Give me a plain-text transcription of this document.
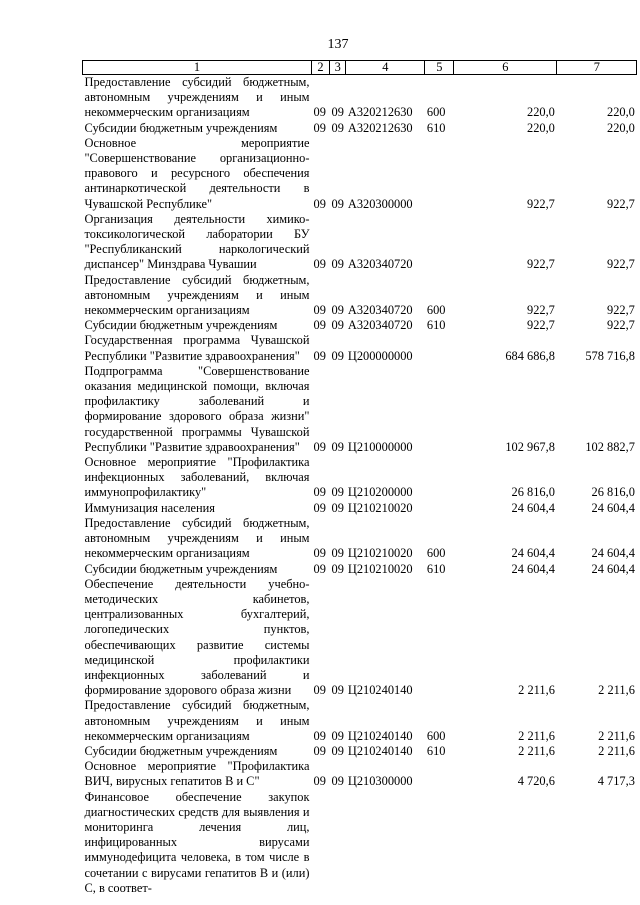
137
1	2	3	4	5	6	7
Предоставление субсидий бюджетным, автономным учреждениям и иным некоммерческим организациям	09	09	А320212630	600	220,0	220,0
Субсидии бюджетным учреждениям	09	09	А320212630	610	220,0	220,0
Основное мероприятие "Совершенствование организационно-правового и ресурсного обеспечения антинаркотической деятельности в Чувашской Республике"	09	09	А320300000		922,7	922,7
Организация деятельности химико-токсикологической лаборатории БУ "Республиканский наркологический диспансер" Минздрава Чувашии	09	09	А320340720		922,7	922,7
Предоставление субсидий бюджетным, автономным учреждениям и иным некоммерческим организациям	09	09	А320340720	600	922,7	922,7
Субсидии бюджетным учреждениям	09	09	А320340720	610	922,7	922,7
Государственная программа Чувашской Республики "Развитие здравоохранения"	09	09	Ц200000000		684 686,8	578 716,8
Подпрограмма "Совершенствование оказания медицинской помощи, включая профилактику заболеваний и формирование здорового образа жизни" государственной программы Чувашской Республики "Развитие здравоохранения"	09	09	Ц210000000		102 967,8	102 882,7
Основное мероприятие "Профилактика инфекционных заболеваний, включая иммунопрофилактику"	09	09	Ц210200000		26 816,0	26 816,0
Иммунизация населения	09	09	Ц210210020		24 604,4	24 604,4
Предоставление субсидий бюджетным, автономным учреждениям и иным некоммерческим организациям	09	09	Ц210210020	600	24 604,4	24 604,4
Субсидии бюджетным учреждениям	09	09	Ц210210020	610	24 604,4	24 604,4
Обеспечение деятельности учебно-методических кабинетов, централизованных бухгалтерий, логопедических пунктов, обеспечивающих развитие системы медицинской профилактики инфекционных заболеваний и формирование здорового образа жизни	09	09	Ц210240140		2 211,6	2 211,6
Предоставление субсидий бюджетным, автономным учреждениям и иным некоммерческим организациям	09	09	Ц210240140	600	2 211,6	2 211,6
Субсидии бюджетным учреждениям	09	09	Ц210240140	610	2 211,6	2 211,6
Основное мероприятие "Профилактика ВИЧ, вирусных гепатитов В и С"	09	09	Ц210300000		4 720,6	4 717,3
Финансовое обеспечение закупок диагностических средств для выявления и мониторинга лечения лиц, инфицированных вирусами иммунодефицита человека, в том числе в сочетании с вирусами гепатитов В и (или) С, в соответ-						
